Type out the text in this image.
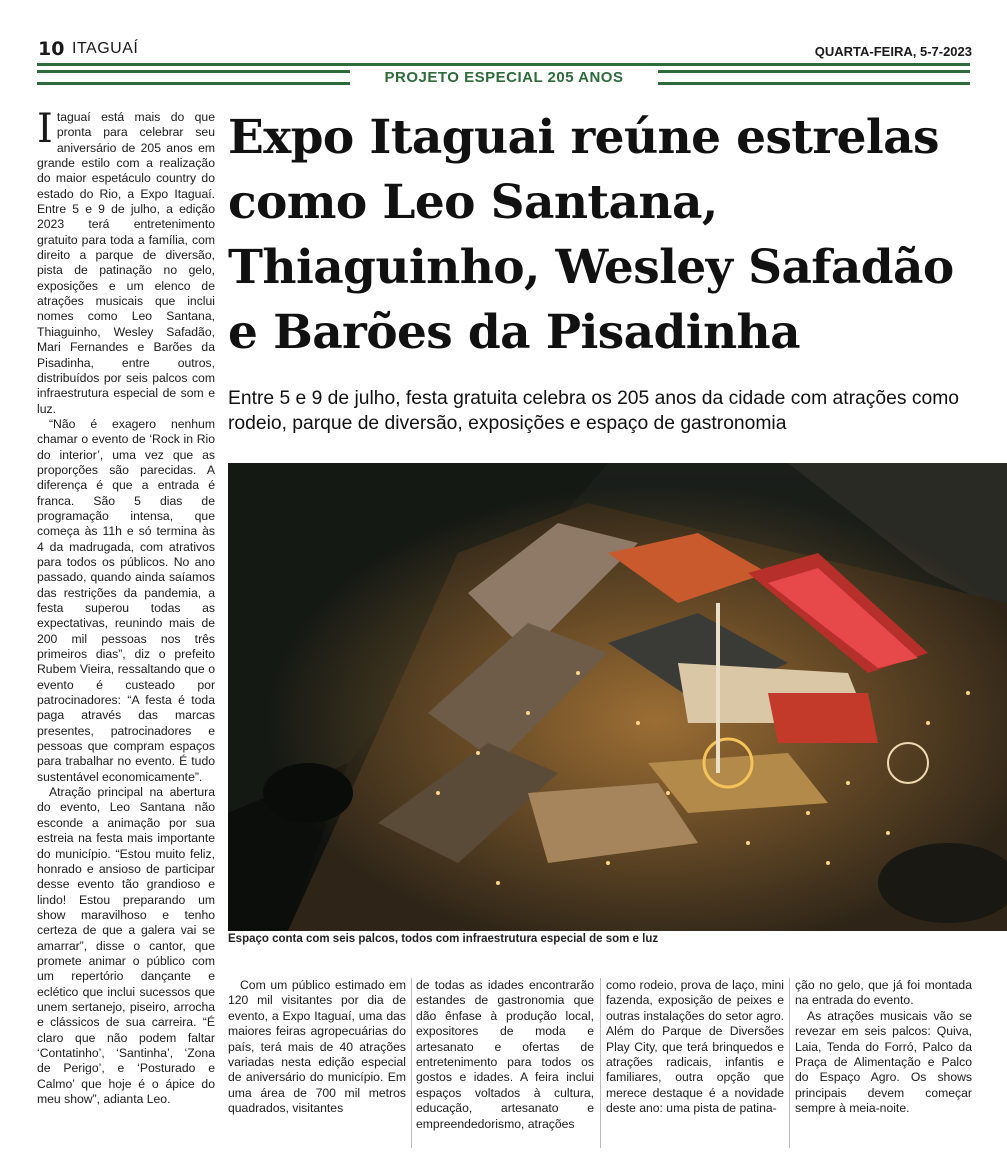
10 ITAGUAÍ	QUARTA-FEIRA, 5-7-2023
PROJETO ESPECIAL 205 ANOS

Itaguaí está mais do que pronta para celebrar seu aniversário de 205 anos em grande estilo com a realização do maior espetáculo country do estado do Rio, a Expo Itaguaí. Entre 5 e 9 de julho, a edição 2023 terá entretenimento gratuito para toda a família, com direito a parque de diversão, pista de patinação no gelo, exposições e um elenco de atrações musicais que inclui nomes como Leo Santana, Thiaguinho, Wesley Safadão, Mari Fernandes e Barões da Pisadinha, entre outros, distribuídos por seis palcos com infraestrutura especial de som e luz.

“Não é exagero nenhum chamar o evento de ‘Rock in Rio do interior’, uma vez que as proporções são parecidas. A diferença é que a entrada é franca. São 5 dias de programação intensa, que começa às 11h e só termina às 4 da madrugada, com atrativos para todos os públicos. No ano passado, quando ainda saíamos das restrições da pandemia, a festa superou todas as expectativas, reunindo mais de 200 mil pessoas nos três primeiros dias”, diz o prefeito Rubem Vieira, ressaltando que o evento é custeado por patrocinadores: “A festa é toda paga através das marcas presentes, patrocinadores e pessoas que compram espaços para trabalhar no evento. É tudo sustentável economicamente”.

Atração principal na abertura do evento, Leo Santana não esconde a animação por sua estreia na festa mais importante do município. “Estou muito feliz, honrado e ansioso de participar desse evento tão grandioso e lindo! Estou preparando um show maravilhoso e tenho certeza de que a galera vai se amarrar”, disse o cantor, que promete animar o público com um repertório dançante e eclético que inclui sucessos que unem sertanejo, piseiro, arrocha e clássicos de sua carreira. “É claro que não podem faltar ‘Contatinho’, ‘Santinha’, ‘Zona de Perigo’, e ‘Posturado e Calmo’ que hoje é o ápice do meu show”, adianta Leo.

Expo Itaguai reúne estrelas como Leo Santana, Thiaguinho, Wesley Safadão e Barões da Pisadinha
Entre 5 e 9 de julho, festa gratuita celebra os 205 anos da cidade com atrações como rodeio, parque de diversão, exposições e espaço de gastronomia
Espaço conta com seis palcos, todos com infraestrutura especial de som e luz

Com um público estimado em 120 mil visitantes por dia de evento, a Expo Itaguaí, uma das maiores feiras agropecuárias do país, terá mais de 40 atrações variadas nesta edição especial de aniversário do município. Em uma área de 700 mil metros quadrados, visitantes

de todas as idades encontrarão estandes de gastronomia que dão ênfase à produção local, expositores de moda e artesanato e ofertas de entretenimento para todos os gostos e idades. A feira inclui espaços voltados à cultura, educação, artesanato e empreendedorismo, atrações

como rodeio, prova de laço, mini fazenda, exposição de peixes e outras instalações do setor agro. Além do Parque de Diversões Play City, que terá brinquedos e atrações radicais, infantis e familiares, outra opção que merece destaque é a novidade deste ano: uma pista de patina-

ção no gelo, que já foi montada na entrada do evento.

As atrações musicais vão se revezar em seis palcos: Quiva, Laia, Tenda do Forró, Palco da Praça de Alimentação e Palco do Espaço Agro. Os shows principais devem começar sempre à meia-noite.
